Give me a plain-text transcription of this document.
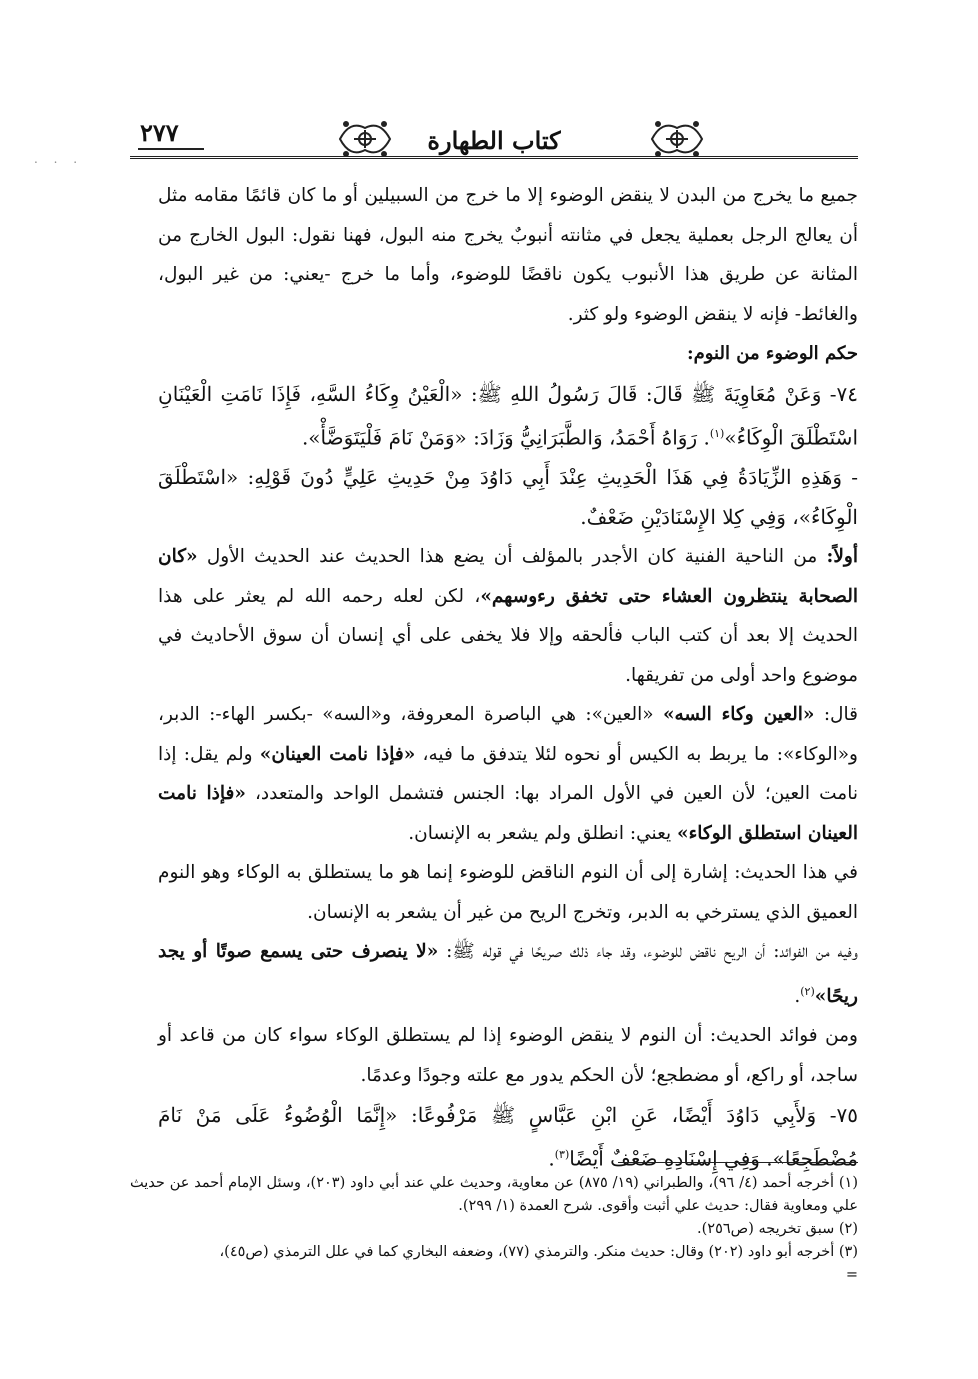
. . .
٢٧٧	كتاب الطهارة

جميع ما يخرج من البدن لا ينقض الوضوء إلا ما خرج من السبيلين أو ما كان قائمًا مقامه مثل أن يعالج الرجل بعملية يجعل في مثانته أنبوبٌ يخرج منه البول، فهنا نقول: البول الخارج من المثانة عن طريق هذا الأنبوب يكون ناقضًا للوضوء، وأما ما خرج -يعني: من غير البول، والغائط- فإنه لا ينقض الوضوء ولو كثر.

حكم الوضوء من النوم:

٧٤- وَعَنْ مُعَاوِيَةَ ﷺ قَالَ: قَالَ رَسُولُ اللهِ ﷺ: «الْعَيْنُ وِكَاءُ السَّهِ، فَإِذَا نَامَتِ الْعَيْنَانِ اسْتَطْلَقَ الْوِكَاءُ»$^{(١)}$. رَوَاهُ أَحْمَدُ، وَالطَّبَرَانِيُّ وَزَادَ: «وَمَنْ نَامَ فَلْيَتَوَضَّأْ».

- وَهَذِهِ الزِّيَادَةُ فِي هَذَا الْحَدِيثِ عِنْدَ أَبِي دَاوُدَ مِنْ حَدِيثِ عَلِيٍّ دُونَ قَوْلِهِ: «اسْتَطْلَقَ الْوِكَاءُ»، وَفِي كِلا الإِسْنَادَيْنِ ضَعْفٌ.

أولاً: من الناحية الفنية كان الأجدر بالمؤلف أن يضع هذا الحديث عند الحديث الأول «كان الصحابة ينتظرون العشاء حتى تخفق رءوسهم»، لكن لعله رحمه الله لم يعثر على هذا الحديث إلا بعد أن كتب الباب فألحقه وإلا فلا يخفى على أي إنسان أن سوق الأحاديث في موضوع واحد أولى من تفريقها.

قال: «العين وكاء السه» «العين»: هي الباصرة المعروفة، و«السه» -بكسر الهاء-: الدبر، و«الوكاء»: ما يربط به الكيس أو نحوه لئلا يتدفق ما فيه، «فإذا نامت العينان» ولم يقل: إذا نامت العين؛ لأن العين في الأول المراد بها: الجنس فتشمل الواحد والمتعدد، «فإذا نامت العينان استطلق الوكاء» يعني: انطلق ولم يشعر به الإنسان.

في هذا الحديث: إشارة إلى أن النوم الناقض للوضوء إنما هو ما يستطلق به الوكاء وهو النوم العميق الذي يسترخي به الدبر، وتخرج الريح من غير أن يشعر به الإنسان.

وفيه من الفوائد: أن الريح ناقض للوضوء، وقد جاء ذلك صريحًا في قوله ﷺ: «لا ينصرف حتى يسمع صوتًا أو يجد ريحًا»$^{(٢)}$.

ومن فوائد الحديث: أن النوم لا ينقض الوضوء إذا لم يستطلق الوكاء سواء كان من قاعد أو ساجد، أو راكع، أو مضطجع؛ لأن الحكم يدور مع علته وجودًا وعدمًا.

٧٥- وَلأَبِي دَاوُدَ أَيْضًا، عَنِ ابْنِ عَبَّاسٍ ﷺ مَرْفُوعًا: «إِنَّمَا الْوُضُوءُ عَلَى مَنْ نَامَ مُضْطَجِعًا». وَفِي إِسْنَادِهِ ضَعْفٌ أَيْضًا$^{(٣)}$.

(١) أخرجه أحمد (٤/ ٩٦)، والطبراني (١٩/ ٨٧٥) عن معاوية، وحديث علي عند أبي داود (٢٠٣)، وسئل الإمام أحمد عن حديث علي ومعاوية فقال: حديث علي أثبت وأقوى. شرح العمدة (١/ ٢٩٩).

(٢) سبق تخريجه (ص٢٥٦).

(٣) أخرجه أبو داود (٢٠٢) وقال: حديث منكر. والترمذي (٧٧)، وضعفه البخاري كما في علل الترمذي (ص٤٥)،

=
